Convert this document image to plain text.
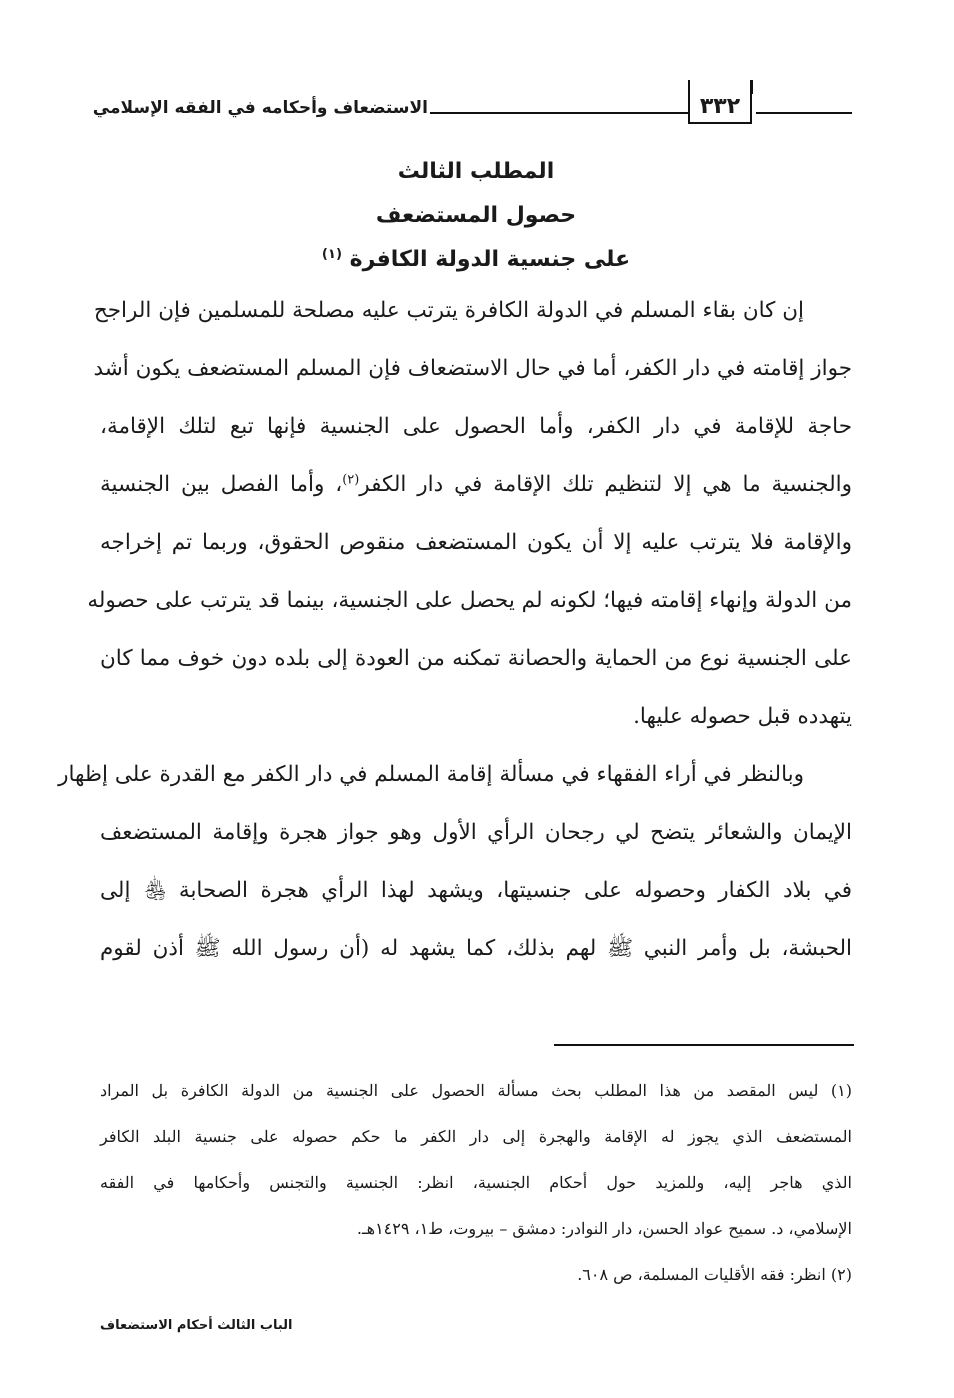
٣٣٢
الاستضعاف وأحكامه في الفقه الإسلامي
المطلب الثالث
حصول المستضعف
على جنسية الدولة الكافرة $^{(١)}$

إن كان بقاء المسلم في الدولة الكافرة يترتب عليه مصلحة للمسلمين فإن الراجح
جواز إقامته في دار الكفر، أما في حال الاستضعاف فإن المسلم المستضعف يكون أشد
حاجة للإقامة في دار الكفر، وأما الحصول على الجنسية فإنها تبع لتلك الإقامة،
والجنسية ما هي إلا لتنظيم تلك الإقامة في دار الكفر$^{(٢)}$، وأما الفصل بين الجنسية
والإقامة فلا يترتب عليه إلا أن يكون المستضعف منقوص الحقوق، وربما تم إخراجه
من الدولة وإنهاء إقامته فيها؛ لكونه لم يحصل على الجنسية، بينما قد يترتب على حصوله
على الجنسية نوع من الحماية والحصانة تمكنه من العودة إلى بلده دون خوف مما كان
يتهدده قبل حصوله عليها.

وبالنظر في أراء الفقهاء في مسألة إقامة المسلم في دار الكفر مع القدرة على إظهار
الإيمان والشعائر يتضح لي رجحان الرأي الأول وهو جواز هجرة وإقامة المستضعف
في بلاد الكفار وحصوله على جنسيتها، ويشهد لهذا الرأي هجرة الصحابة ﵃ إلى
الحبشة، بل وأمر النبي ﷺ لهم بذلك، كما يشهد له (أن رسول الله ﷺ أذن لقوم

(١) ليس المقصد من هذا المطلب بحث مسألة الحصول على الجنسية من الدولة الكافرة بل المراد
المستضعف الذي يجوز له الإقامة والهجرة إلى دار الكفر ما حكم حصوله على جنسية البلد الكافر
الذي هاجر إليه، وللمزيد حول أحكام الجنسية، انظر: الجنسية والتجنس وأحكامها في الفقه
الإسلامي، د. سميح عواد الحسن، دار النوادر: دمشق – بيروت، ط١، ١٤٢٩هـ.
(٢) انظر: فقه الأقليات المسلمة، ص ٦٠٨.
الباب الثالث أحكام الاستضعاف
